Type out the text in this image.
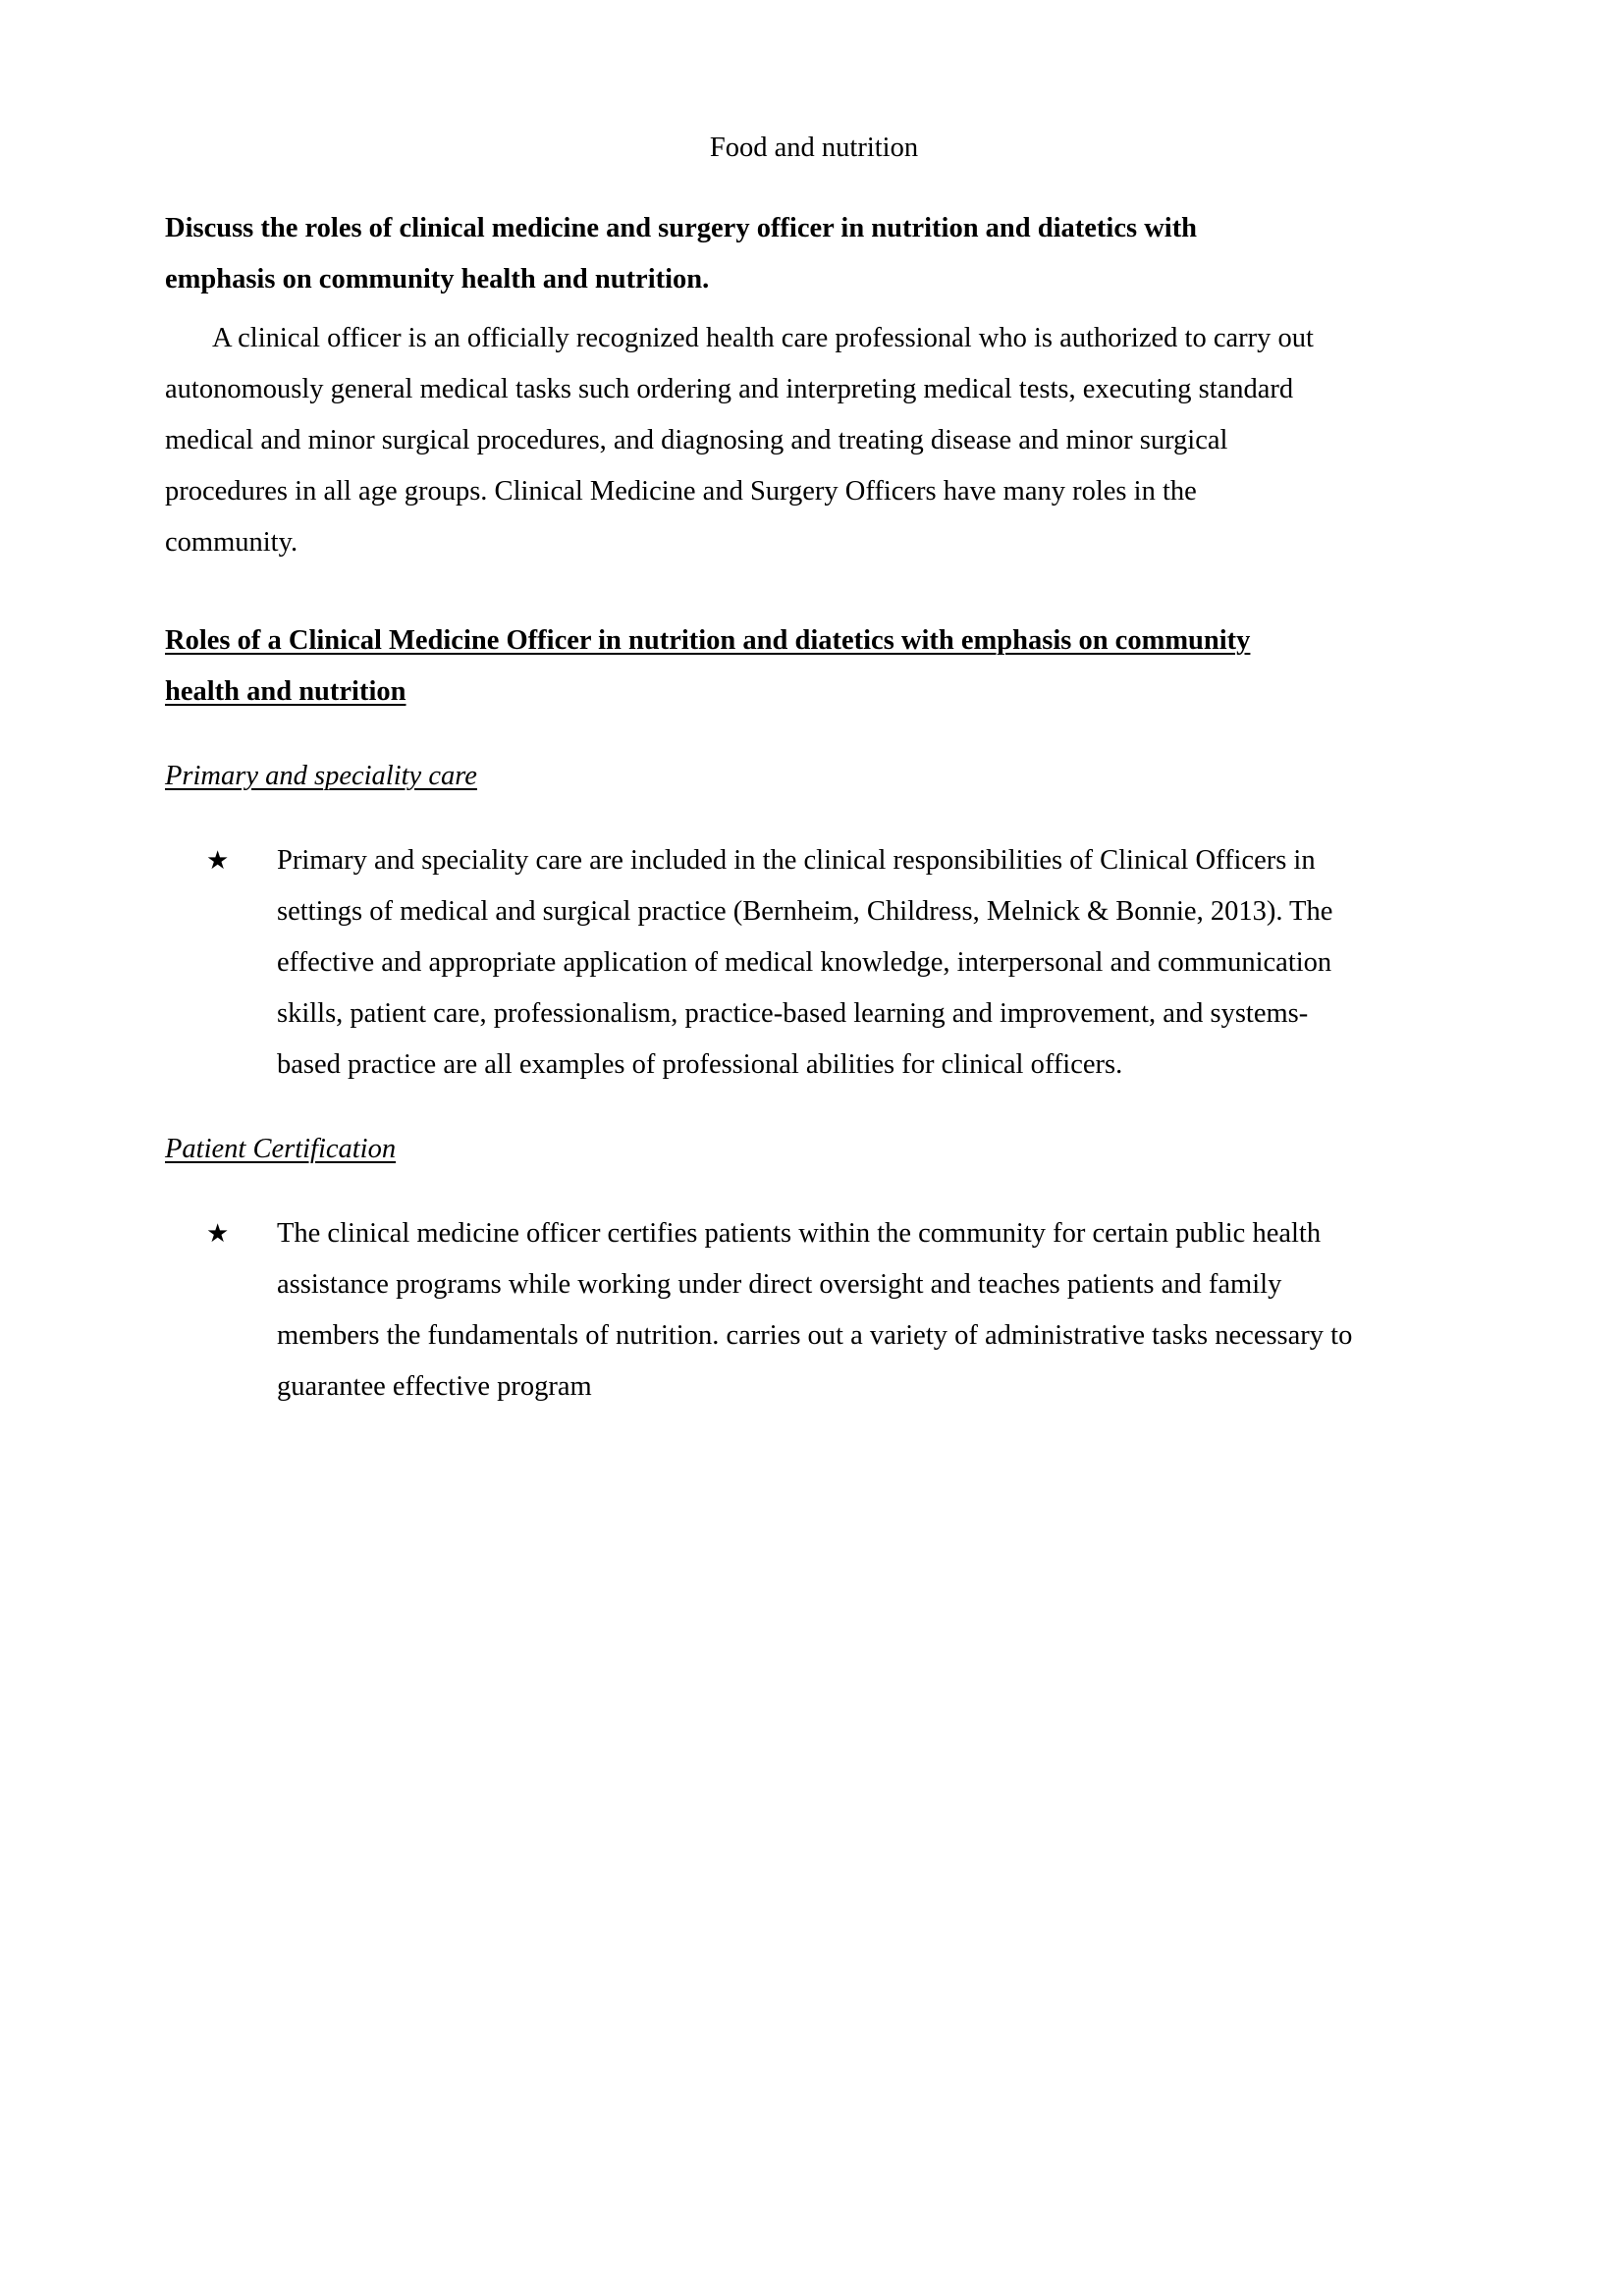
Food and nutrition
Discuss the roles of clinical medicine and surgery officer in nutrition and diatetics with emphasis on community health and nutrition.
A clinical officer is an officially recognized health care professional who is authorized to carry out autonomously general medical tasks such ordering and interpreting medical tests, executing standard medical and minor surgical procedures, and diagnosing and treating disease and minor surgical procedures in all age groups. Clinical Medicine and Surgery Officers have many roles in the community.
Roles of a Clinical Medicine Officer in nutrition and diatetics with emphasis on community health and nutrition
Primary and speciality care
★ Primary and speciality care are included in the clinical responsibilities of Clinical Officers in settings of medical and surgical practice (Bernheim, Childress, Melnick & Bonnie, 2013). The effective and appropriate application of medical knowledge, interpersonal and communication skills, patient care, professionalism, practice-based learning and improvement, and systems-based practice are all examples of professional abilities for clinical officers.
Patient Certification
★ The clinical medicine officer certifies patients within the community for certain public health assistance programs while working under direct oversight and teaches patients and family members the fundamentals of nutrition. carries out a variety of administrative tasks necessary to guarantee effective program
